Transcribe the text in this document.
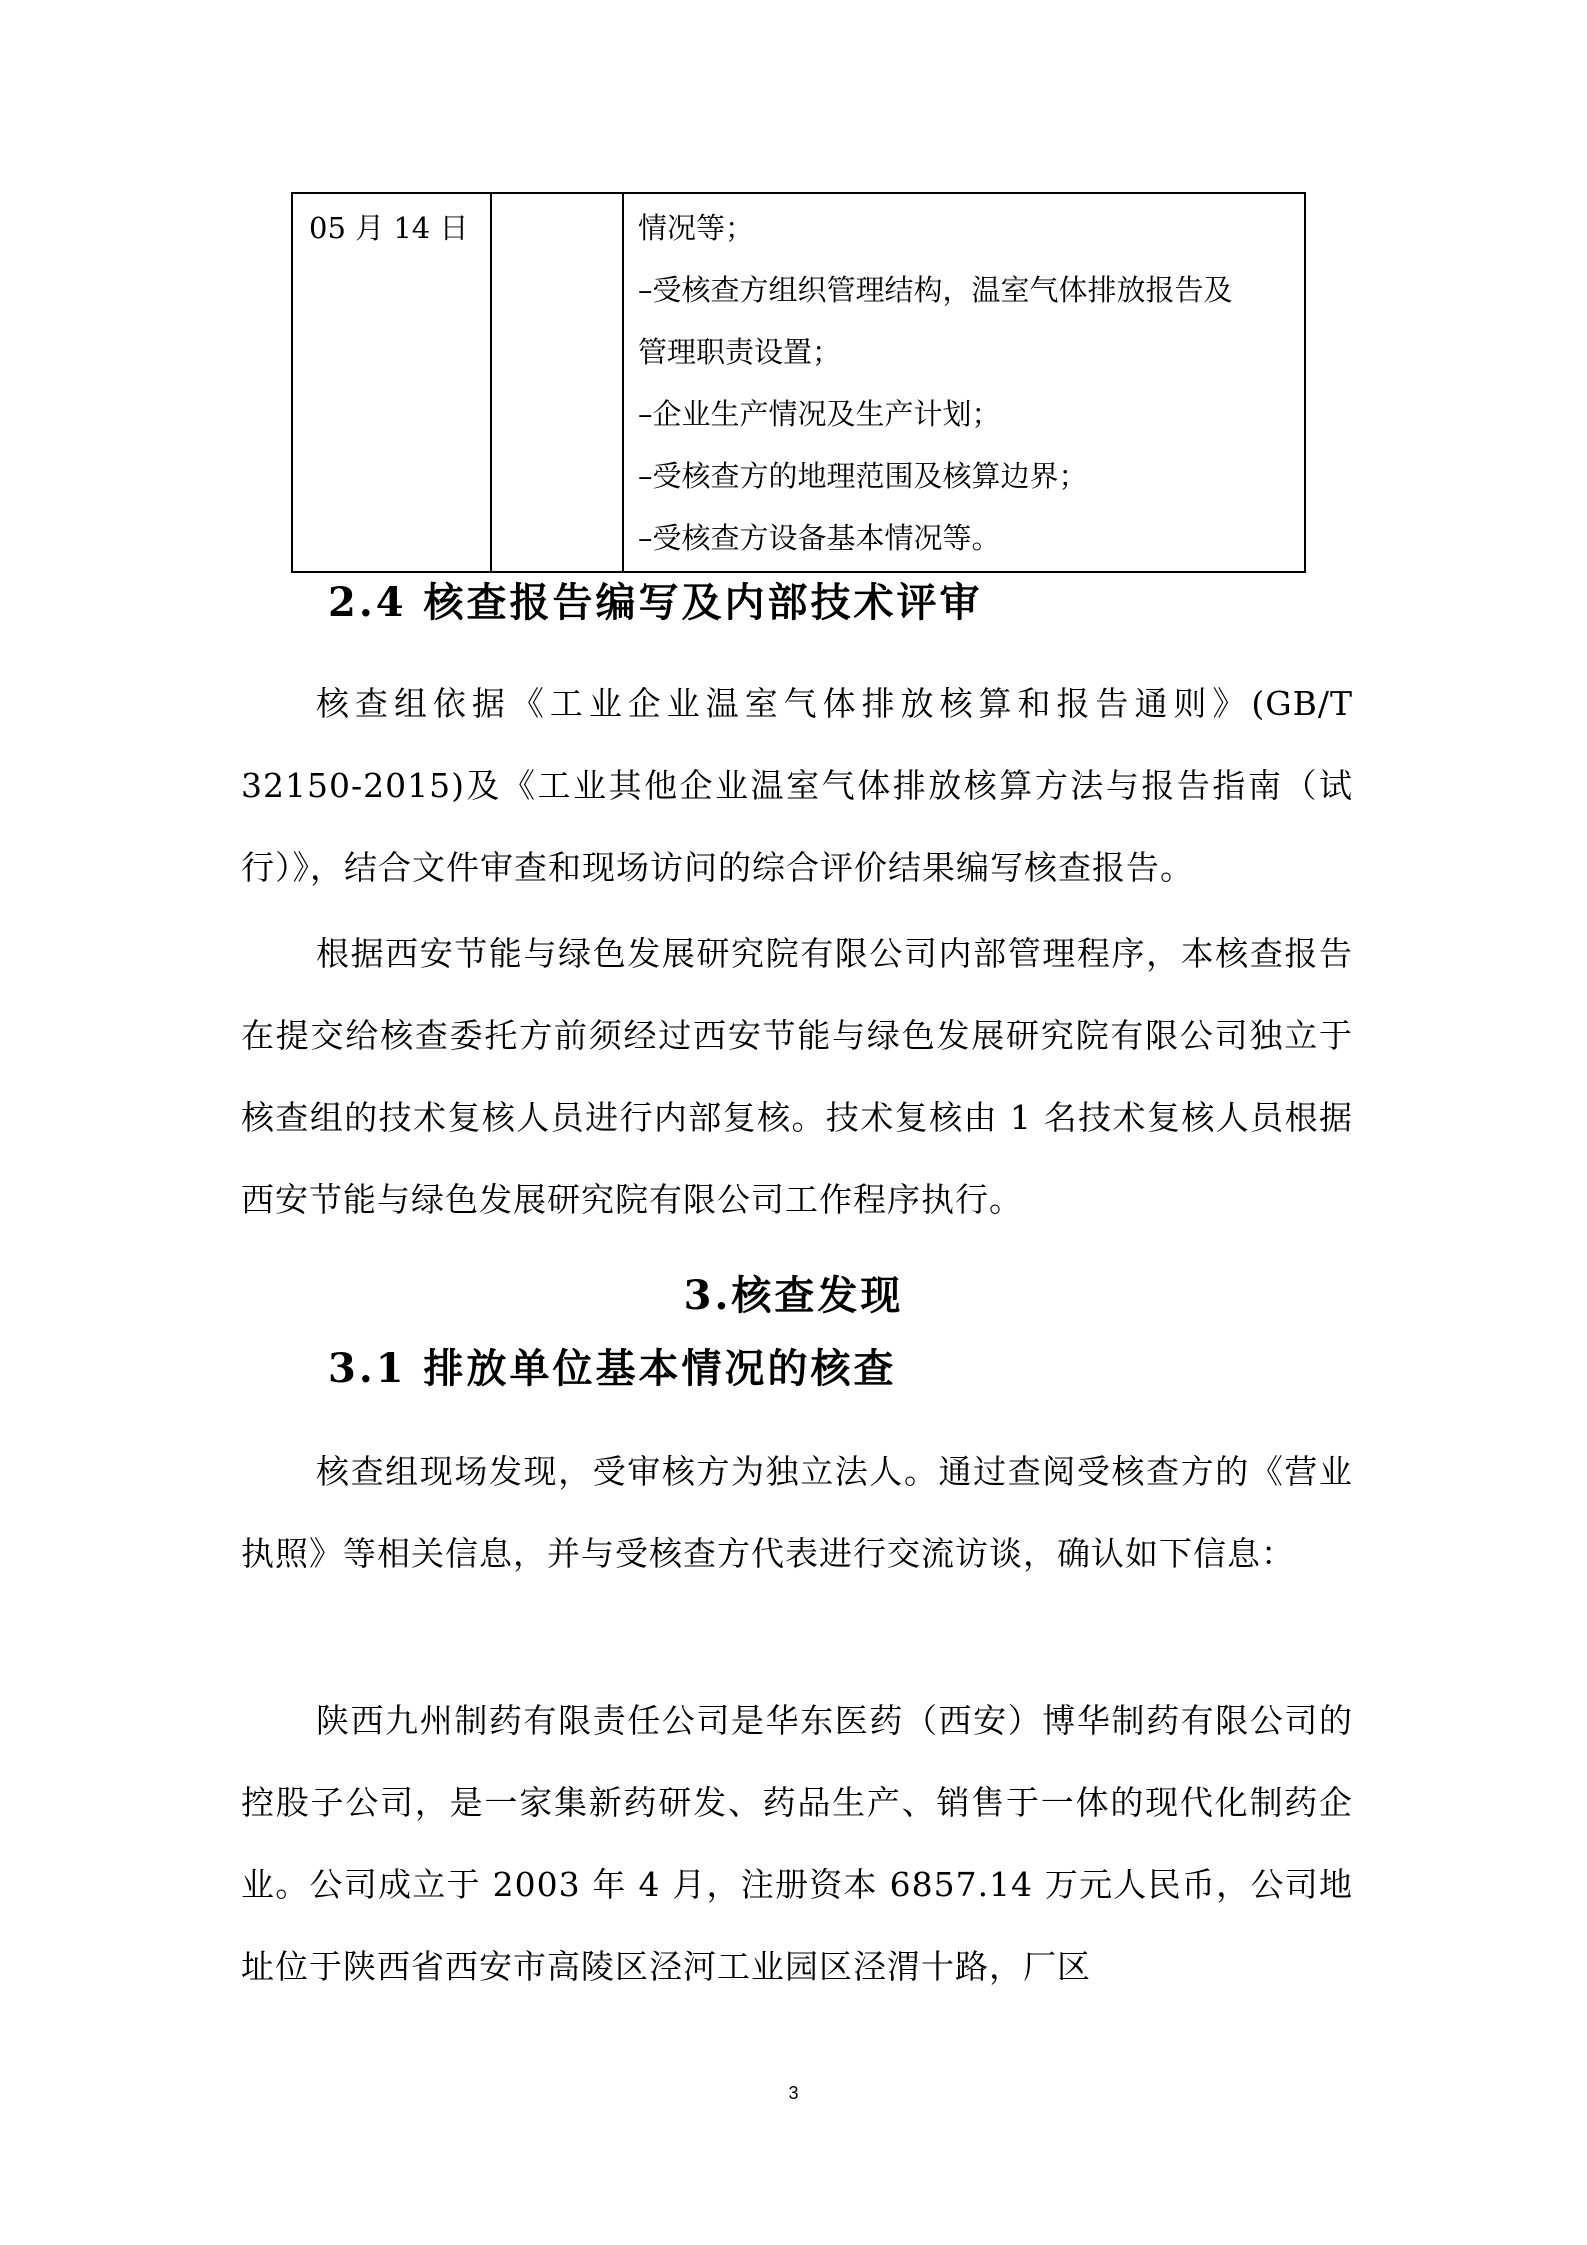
05 月 14 日		情况等；
–受核查方组织管理结构，温室气体排放报告及
管理职责设置；
–企业生产情况及生产计划；
–受核查方的地理范围及核算边界；
–受核查方设备基本情况等。
2.4 核查报告编写及内部技术评审

核查组依据《工业企业温室气体排放核算和报告通则》(GB/T 32150-2015)及《工业其他企业温室气体排放核算方法与报告指南（试行）》，结合文件审查和现场访问的综合评价结果编写核查报告。

根据西安节能与绿色发展研究院有限公司内部管理程序，本核查报告在提交给核查委托方前须经过西安节能与绿色发展研究院有限公司独立于核查组的技术复核人员进行内部复核。技术复核由 1 名技术复核人员根据西安节能与绿色发展研究院有限公司工作程序执行。

3.核查发现
3.1 排放单位基本情况的核查

核查组现场发现，受审核方为独立法人。通过查阅受核查方的《营业执照》等相关信息，并与受核查方代表进行交流访谈，确认如下信息：

陕西九州制药有限责任公司是华东医药（西安）博华制药有限公司的控股子公司，是一家集新药研发、药品生产、销售于一体的现代化制药企业。公司成立于 2003 年 4 月，注册资本 6857.14 万元人民币，公司地址位于陕西省西安市高陵区泾河工业园区泾渭十路，厂区

3
